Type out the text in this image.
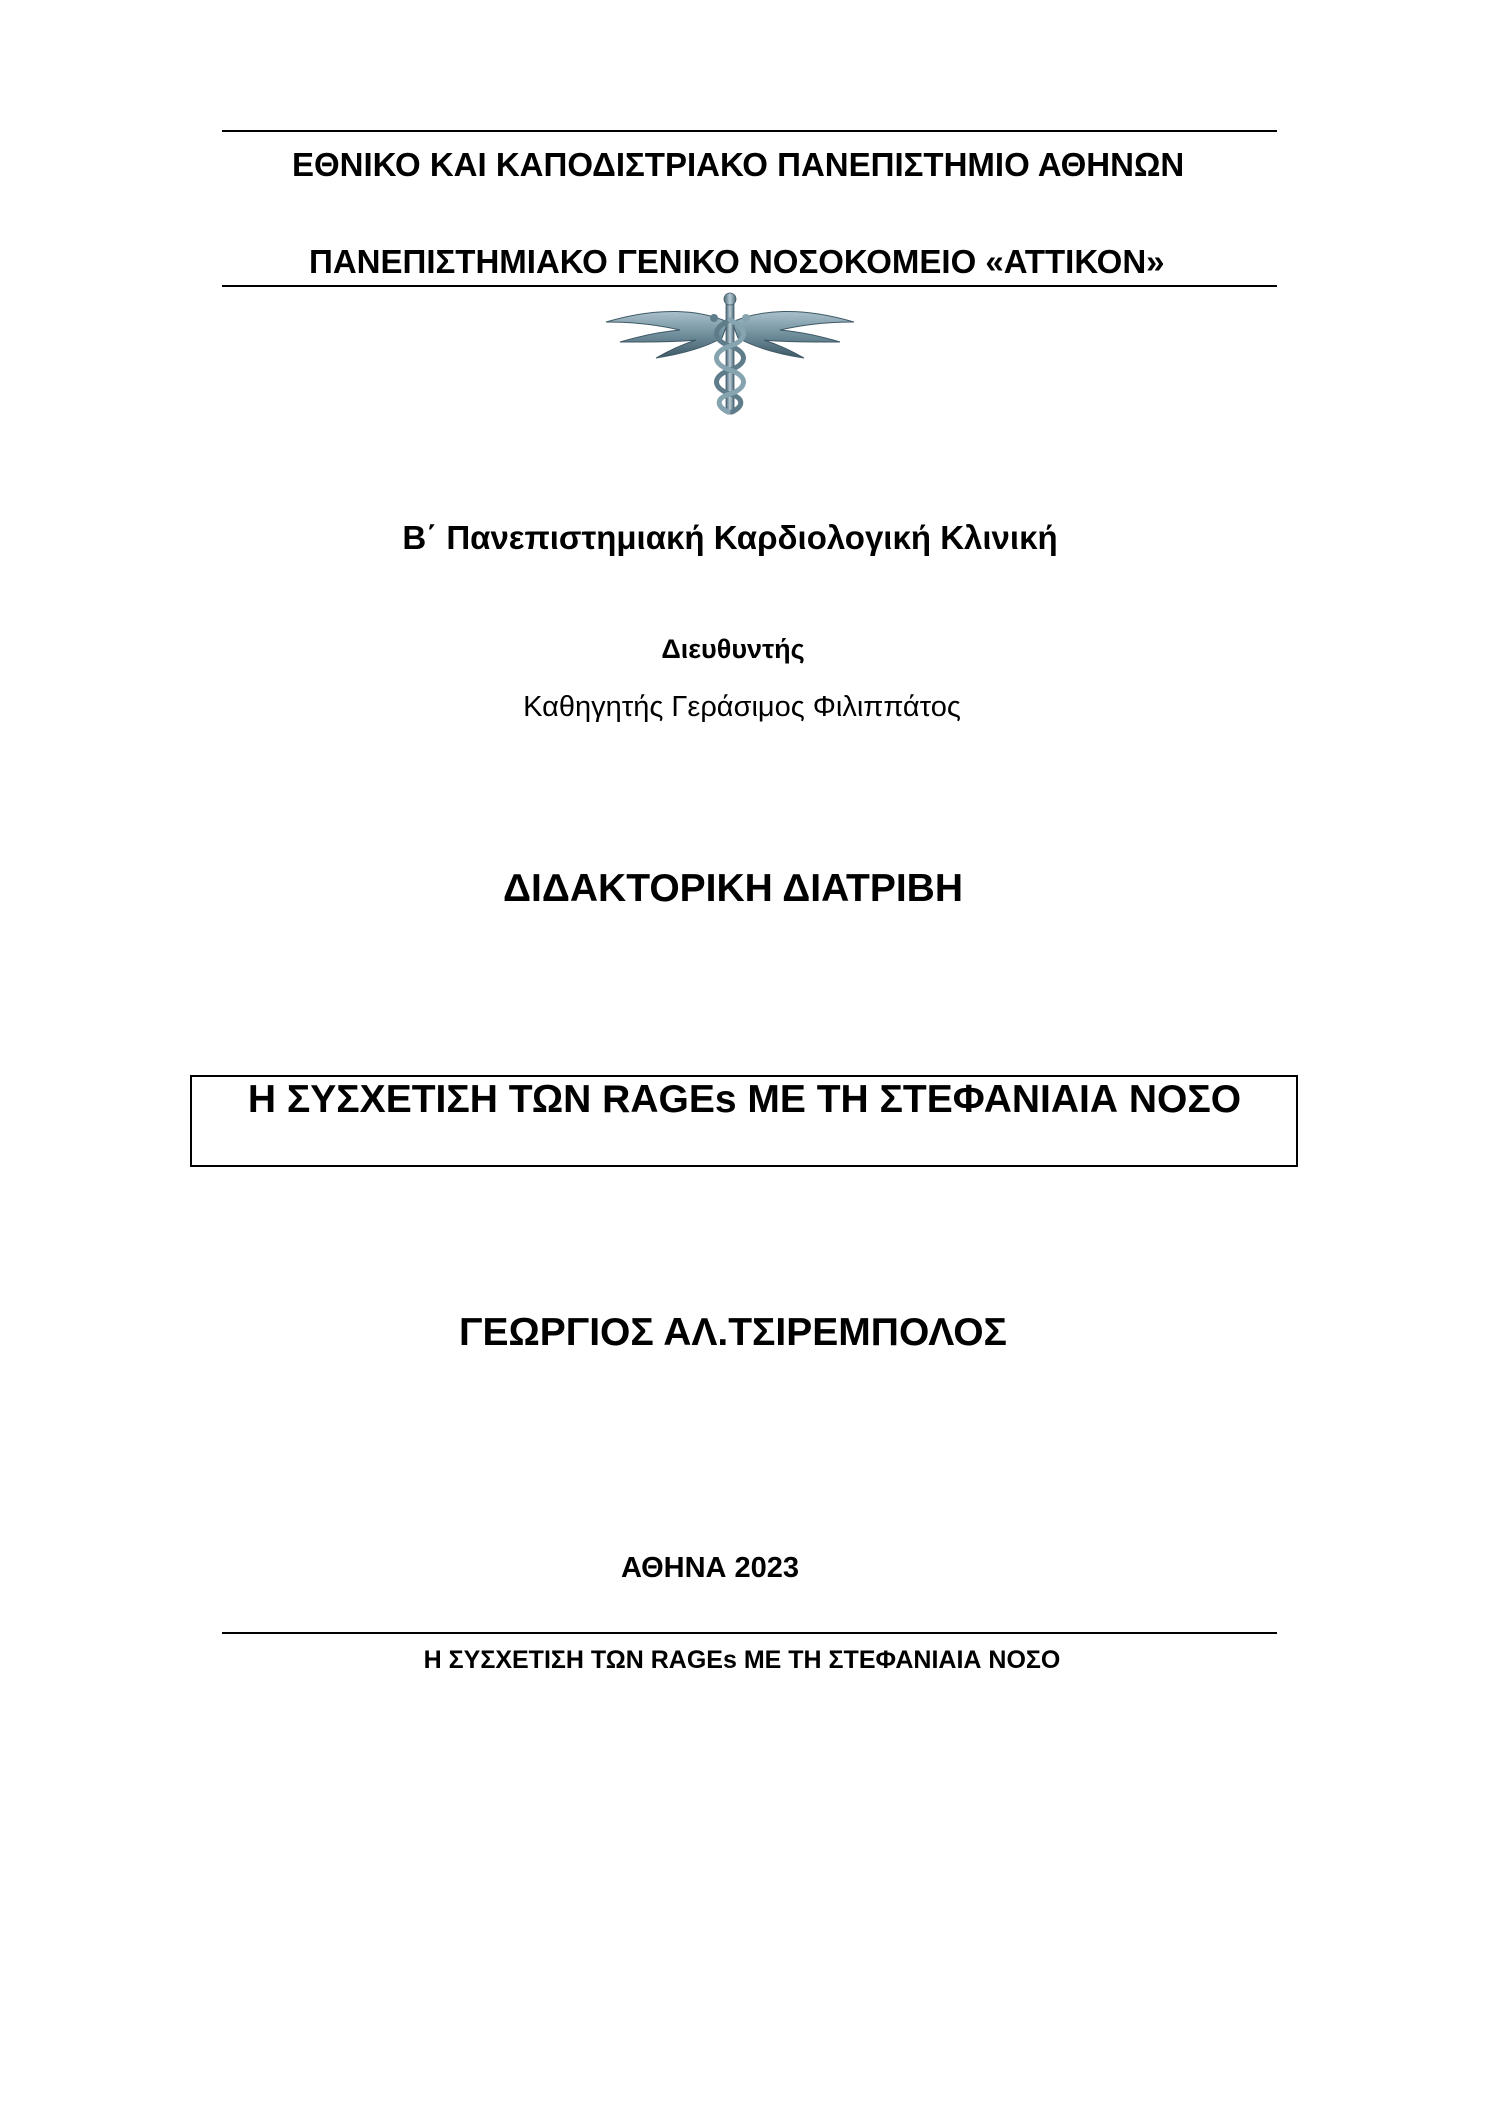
ΕΘΝΙΚΟ ΚΑΙ ΚΑΠΟΔΙΣΤΡΙΑΚΟ ΠΑΝΕΠΙΣΤΗΜΙΟ ΑΘΗΝΩΝ
ΠΑΝΕΠΙΣΤΗΜΙΑΚΟ ΓΕΝΙΚΟ ΝΟΣΟΚΟΜΕΙΟ «ΑΤΤΙΚΟΝ»
Β΄ Πανεπιστημιακή Καρδιολογική Κλινική
Διευθυντής
Καθηγητής Γεράσιμος Φιλιππάτος
ΔΙΔΑΚΤΟΡΙΚΗ ΔΙΑΤΡΙΒΗ
Η ΣΥΣΧΕΤΙΣΗ ΤΩΝ RAGEs ΜΕ ΤΗ ΣΤΕΦΑΝΙΑΙΑ ΝΟΣΟ
ΓΕΩΡΓΙΟΣ ΑΛ.ΤΣΙΡΕΜΠΟΛΟΣ
ΑΘΗΝΑ 2023
Η ΣΥΣΧΕΤΙΣΗ ΤΩΝ RAGEs ΜΕ ΤΗ ΣΤΕΦΑΝΙΑΙΑ ΝΟΣΟ
